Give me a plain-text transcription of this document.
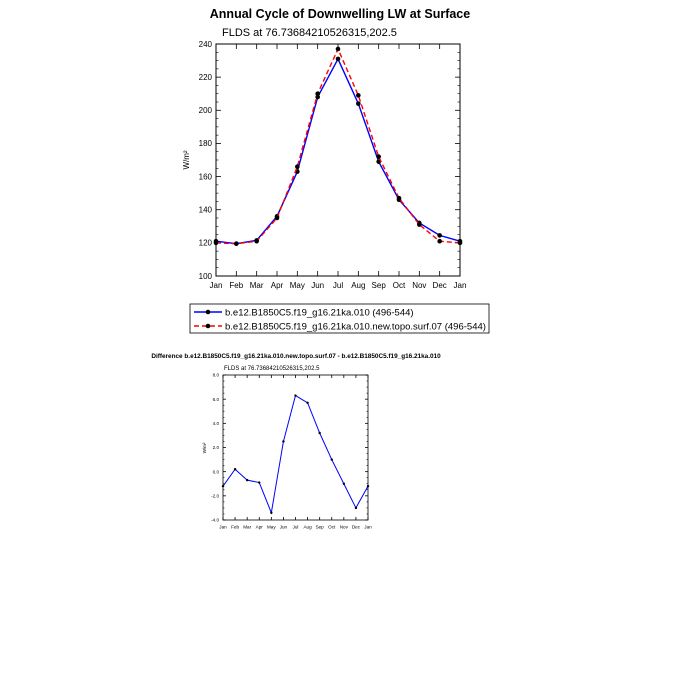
Annual Cycle of Downwelling LW at Surface
FLDS at 76.73684210526315,202.5
W/m²
Jan Feb Mar Apr May Jun Jul Aug Sep Oct Nov Dec Jan
100
120
140
160
180
200
220
240
b.e12.B1850C5.f19_g16.21ka.010 (496-544)
b.e12.B1850C5.f19_g16.21ka.010.new.topo.surf.07 (496-544)
Difference b.e12.B1850C5.f19_g16.21ka.010.new.topo.surf.07 - b.e12.B1850C5.f19_g16.21ka.010
FLDS at 76.73684210526315,202.5
W/m²
Jan Feb Mar Apr May Jun Jul Aug Sep Oct Nov Dec Jan
-4.0
-2.0
0.0
2.0
4.0
6.0
8.0
